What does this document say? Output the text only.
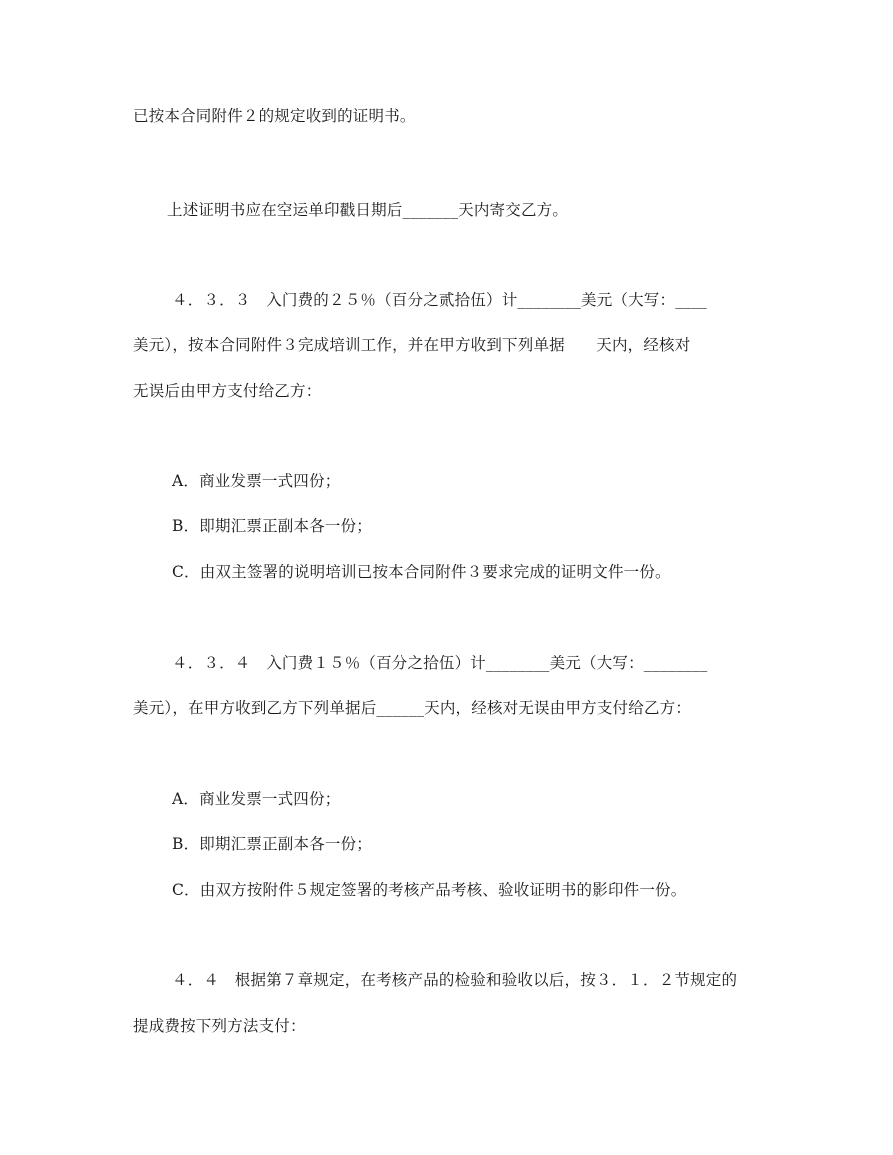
已按本合同附件２的规定收到的证明书。
上述证明书应在空运单印戳日期后_______天内寄交乙方。
４．３．３　入门费的２５％（百分之贰拾伍）计________美元（大写：____
美元），按本合同附件３完成培训工作，并在甲方收到下列单据　　天内，经核对
无误后由甲方支付给乙方：
A．商业发票一式四份；
B．即期汇票正副本各一份；
C．由双主签署的说明培训已按本合同附件３要求完成的证明文件一份。
４．３．４　入门费１５％（百分之拾伍）计________美元（大写：________
美元），在甲方收到乙方下列单据后______天内，经核对无误由甲方支付给乙方：
A．商业发票一式四份；
B．即期汇票正副本各一份；
C．由双方按附件５规定签署的考核产品考核、验收证明书的影印件一份。
４．４　根据第７章规定，在考核产品的检验和验收以后，按３．１．２节规定的
提成费按下列方法支付：
